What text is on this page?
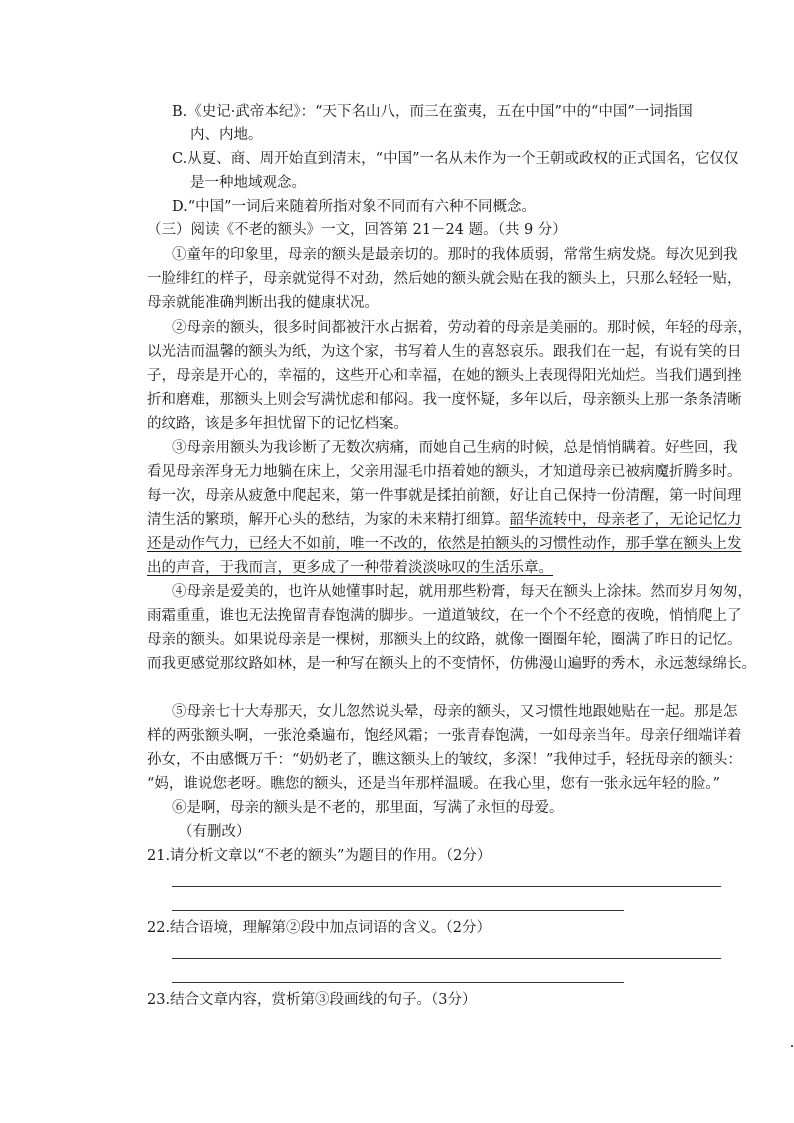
B.《史记·武帝本纪》：“天下名山八，而三在蛮夷，五在中国”中的“中国”一词指国
内、内地。
C.从夏、商、周开始直到清末，“中国”一名从未作为一个王朝或政权的正式国名，它仅仅
是一种地域观念。
D.“中国”一词后来随着所指对象不同而有六种不同概念。
（三）阅读《不老的额头》一文，回答第 21－24 题。（共 9 分）
①童年的印象里，母亲的额头是最亲切的。那时的我体质弱，常常生病发烧。每次见到我
一脸绯红的样子，母亲就觉得不对劲，然后她的额头就会贴在我的额头上，只那么轻轻一贴，
母亲就能准确判断出我的健康状况。
②母亲的额头，很多时间都被汗水占据着，劳动着的母亲是美丽的。那时候，年轻的母亲，
以光洁而温馨的额头为纸，为这个家，书写着人生的喜怒哀乐。跟我们在一起，有说有笑的日
子，母亲是开心的，幸福的，这些开心和幸福，在她的额头上表现得阳光灿烂。当我们遇到挫
折和磨难，那额头上则会写满忧虑和郁闷。我一度怀疑，多年以后，母亲额头上那一条条清晰
的纹路，该是多年担忧留下的记忆档案。
③母亲用额头为我诊断了无数次病痛，而她自己生病的时候，总是悄悄瞒着。好些回，我
看见母亲浑身无力地躺在床上，父亲用湿毛巾捂着她的额头，才知道母亲已被病魔折腾多时。
每一次，母亲从疲惫中爬起来，第一件事就是揉拍前额，好让自己保持一份清醒，第一时间理
清生活的繁琐，解开心头的愁结，为家的未来精打细算。韶华流转中，母亲老了，无论记忆力
还是动作气力，已经大不如前，唯一不改的，依然是拍额头的习惯性动作，那手掌在额头上发
出的声音，于我而言，更多成了一种带着淡淡咏叹的生活乐章。
④母亲是爱美的，也许从她懂事时起，就用那些粉膏，每天在额头上涂抹。然而岁月匆匆，
雨霜重重，谁也无法挽留青春饱满的脚步。一道道皱纹，在一个个不经意的夜晚，悄悄爬上了
母亲的额头。如果说母亲是一棵树，那额头上的纹路，就像一圈圈年轮，圈满了昨日的记忆。
而我更感觉那纹路如林，是一种写在额头上的不变情怀，仿佛漫山遍野的秀木，永远葱绿绵长。
⑤母亲七十大寿那天，女儿忽然说头晕，母亲的额头，又习惯性地跟她贴在一起。那是怎
样的两张额头啊，一张沧桑遍布，饱经风霜；一张青春饱满，一如母亲当年。母亲仔细端详着
孙女，不由感慨万千：“奶奶老了，瞧这额头上的皱纹，多深！”我伸过手，轻抚母亲的额头：
“妈，谁说您老呀。瞧您的额头，还是当年那样温暖。在我心里，您有一张永远年轻的脸。”
⑥是啊，母亲的额头是不老的，那里面，写满了永恒的母爱。
（有删改）
21.请分析文章以“不老的额头”为题目的作用。（2分）
22.结合语境，理解第②段中加点词语的含义。（2分）
23.结合文章内容，赏析第③段画线的句子。（3分）
